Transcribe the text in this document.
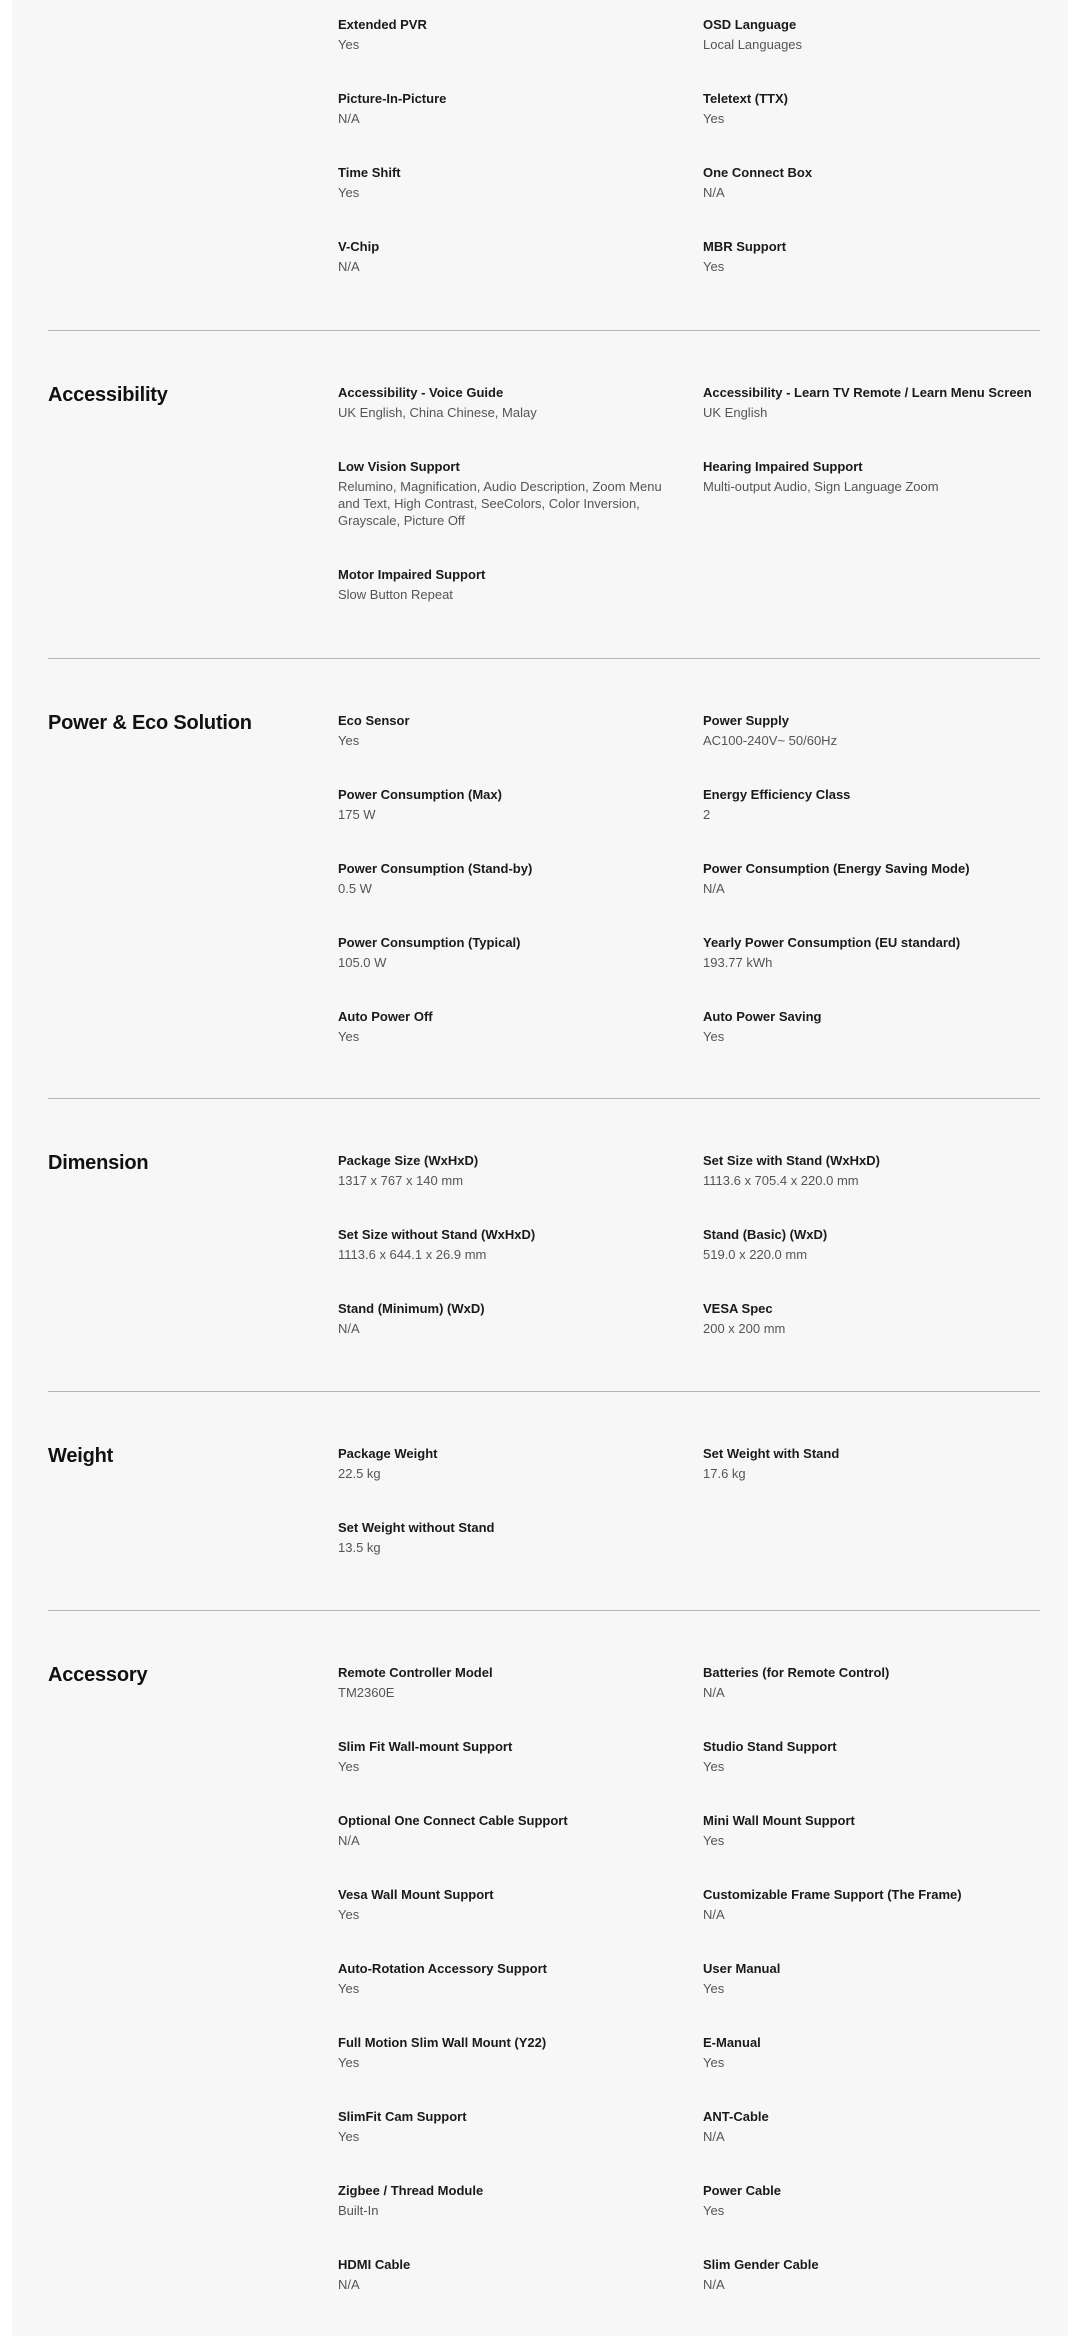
Extended PVR
Yes
OSD Language
Local Languages
Picture-In-Picture
N/A
Teletext (TTX)
Yes
Time Shift
Yes
One Connect Box
N/A
V-Chip
N/A
MBR Support
Yes
Accessibility	Accessibility - Voice Guide
UK English, China Chinese, Malay
Accessibility - Learn TV Remote / Learn Menu Screen
UK English
Low Vision Support
Relumino, Magnification, Audio Description, Zoom Menu and Text, High Contrast, SeeColors, Color Inversion, Grayscale, Picture Off
Hearing Impaired Support
Multi-output Audio, Sign Language Zoom
Motor Impaired Support
Slow Button Repeat
Power & Eco Solution	Eco Sensor
Yes
Power Supply
AC100-240V~ 50/60Hz
Power Consumption (Max)
175 W
Energy Efficiency Class
2
Power Consumption (Stand-by)
0.5 W
Power Consumption (Energy Saving Mode)
N/A
Power Consumption (Typical)
105.0 W
Yearly Power Consumption (EU standard)
193.77 kWh
Auto Power Off
Yes
Auto Power Saving
Yes
Dimension	Package Size (WxHxD)
1317 x 767 x 140 mm
Set Size with Stand (WxHxD)
1113.6 x 705.4 x 220.0 mm
Set Size without Stand (WxHxD)
1113.6 x 644.1 x 26.9 mm
Stand (Basic) (WxD)
519.0 x 220.0 mm
Stand (Minimum) (WxD)
N/A
VESA Spec
200 x 200 mm
Weight	Package Weight
22.5 kg
Set Weight with Stand
17.6 kg
Set Weight without Stand
13.5 kg
Accessory	Remote Controller Model
TM2360E
Batteries (for Remote Control)
N/A
Slim Fit Wall-mount Support
Yes
Studio Stand Support
Yes
Optional One Connect Cable Support
N/A
Mini Wall Mount Support
Yes
Vesa Wall Mount Support
Yes
Customizable Frame Support (The Frame)
N/A
Auto-Rotation Accessory Support
Yes
User Manual
Yes
Full Motion Slim Wall Mount (Y22)
Yes
E-Manual
Yes
SlimFit Cam Support
Yes
ANT-Cable
N/A
Zigbee / Thread Module
Built-In
Power Cable
Yes
HDMI Cable
N/A
Slim Gender Cable
N/A
